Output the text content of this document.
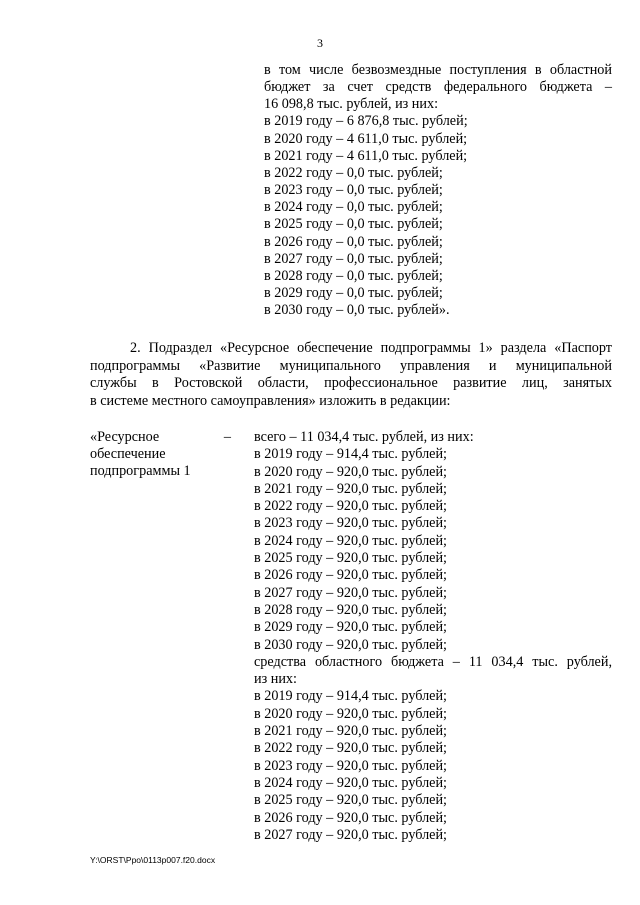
3
в том числе безвозмездные поступления в областной
бюджет за счет средств федерального бюджета –
16 098,8 тыс. рублей, из них:
в 2019 году – 6 876,8 тыс. рублей;
в 2020 году – 4 611,0 тыс. рублей;
в 2021 году – 4 611,0 тыс. рублей;
в 2022 году – 0,0 тыс. рублей;
в 2023 году – 0,0 тыс. рублей;
в 2024 году – 0,0 тыс. рублей;
в 2025 году – 0,0 тыс. рублей;
в 2026 году – 0,0 тыс. рублей;
в 2027 году – 0,0 тыс. рублей;
в 2028 году – 0,0 тыс. рублей;
в 2029 году – 0,0 тыс. рублей;
в 2030 году – 0,0 тыс. рублей».
2. Подраздел «Ресурсное обеспечение подпрограммы 1» раздела «Паспорт
подпрограммы «Развитие муниципального управления и муниципальной
службы в Ростовской области, профессиональное развитие лиц, занятых
в системе местного самоуправления» изложить в редакции:
«Ресурсное	–
обеспечение
подпрограммы 1
всего – 11 034,4 тыс. рублей, из них:
в 2019 году – 914,4 тыс. рублей;
в 2020 году – 920,0 тыс. рублей;
в 2021 году – 920,0 тыс. рублей;
в 2022 году – 920,0 тыс. рублей;
в 2023 году – 920,0 тыс. рублей;
в 2024 году – 920,0 тыс. рублей;
в 2025 году – 920,0 тыс. рублей;
в 2026 году – 920,0 тыс. рублей;
в 2027 году – 920,0 тыс. рублей;
в 2028 году – 920,0 тыс. рублей;
в 2029 году – 920,0 тыс. рублей;
в 2030 году – 920,0 тыс. рублей;
средства областного бюджета – 11 034,4 тыс. рублей,
из них:
в 2019 году – 914,4 тыс. рублей;
в 2020 году – 920,0 тыс. рублей;
в 2021 году – 920,0 тыс. рублей;
в 2022 году – 920,0 тыс. рублей;
в 2023 году – 920,0 тыс. рублей;
в 2024 году – 920,0 тыс. рублей;
в 2025 году – 920,0 тыс. рублей;
в 2026 году – 920,0 тыс. рублей;
в 2027 году – 920,0 тыс. рублей;
Y:\ORST\Ppo\0113p007.f20.docx
